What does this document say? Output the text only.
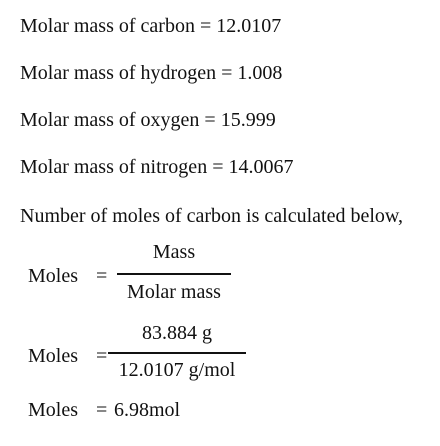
Molar mass of carbon = 12.0107
Molar mass of hydrogen = 1.008
Molar mass of oxygen = 15.999
Molar mass of nitrogen = 14.0067
Number of moles of carbon is calculated below,
Moles =
Mass
Molar mass
Moles =
83.884 g
12.0107 g/mol
Moles = 6.98mol
